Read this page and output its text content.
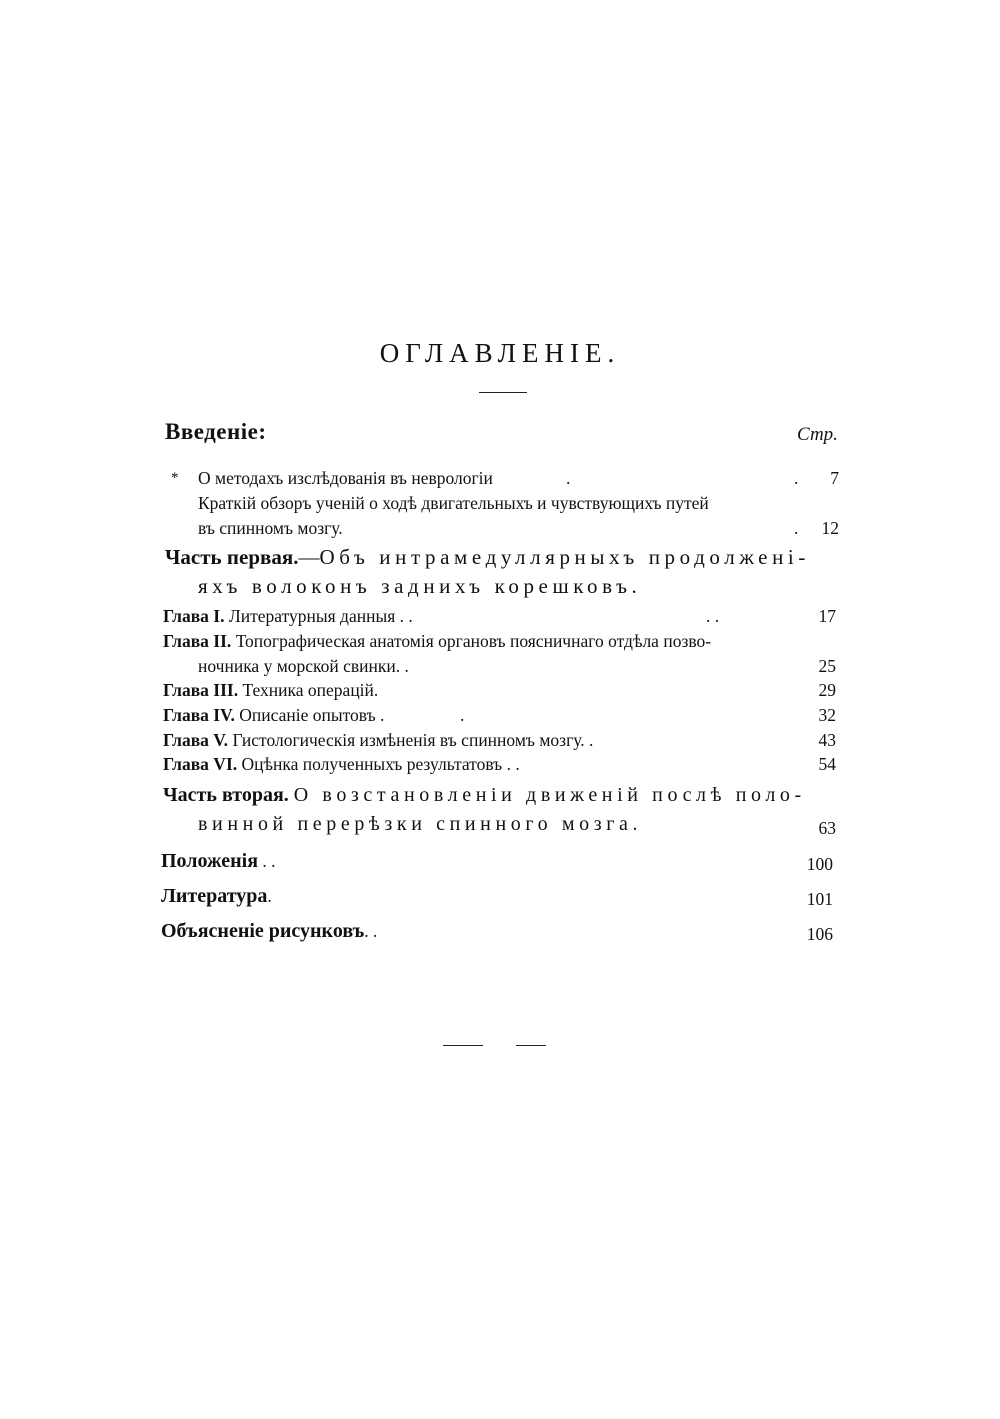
ОГЛАВЛЕНІЕ.
Введеніе:	Стр.
* О методахъ изслѣдованія въ неврологіи	.	.	7
Краткій обзоръ ученій о ходѣ двигательныхъ и чувствующихъ путей
въ спинномъ мозгу.	.	12
Часть первая.—Объ интрамедуллярныхъ продолженi-
яхъ волоконъ заднихъ корешковъ.
Глава I. Литературныя данныя . .	. .	17
Глава II. Топографическая анатомія органовъ поясничнаго отдѣла позво-
ночника у морской свинки. .	25
Глава III. Техника операцій.	29
Глава IV. Описаніе опытовъ .	.	32
Глава V. Гистологическія измѣненія въ спинномъ мозгу. .	43
Глава VI. Оцѣнка полученныхъ результатовъ . .	54
Часть вторая. О возстановленіи движеній послѣ поло-
винной перерѣзки спинного мозга.	63
Положенія . .	100
Литература.	101
Объясненіе рисунковъ. .	106
